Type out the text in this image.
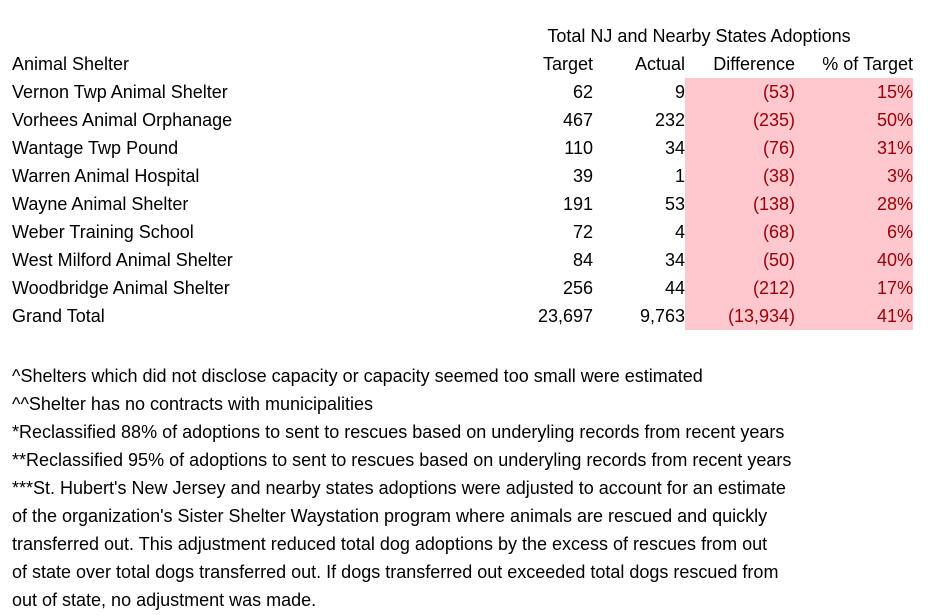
	Total NJ and Nearby States Adoptions			
Animal Shelter	Target	Actual	Difference	% of Target
Vernon Twp Animal Shelter	62	9	(53)	15%
Vorhees Animal Orphanage	467	232	(235)	50%
Wantage Twp Pound	110	34	(76)	31%
Warren Animal Hospital	39	1	(38)	3%
Wayne Animal Shelter	191	53	(138)	28%
Weber Training School	72	4	(68)	6%
West Milford Animal Shelter	84	34	(50)	40%
Woodbridge Animal Shelter	256	44	(212)	17%
Grand Total	23,697	9,763	(13,934)	41%
^Shelters which did not disclose capacity or capacity seemed too small were estimated
^^Shelter has no contracts with municipalities
*Reclassified 88% of adoptions to sent to rescues based on underyling records from recent years
**Reclassified 95% of adoptions to sent to rescues based on underyling records from recent years
***St. Hubert's New Jersey and nearby states adoptions were adjusted to account for an estimate
of the organization's Sister Shelter Waystation program where animals are rescued and quickly
transferred out. This adjustment reduced total dog adoptions by the excess of rescues from out
of state over total dogs transferred out. If dogs transferred out exceeded total dogs rescued from
out of state, no adjustment was made.
